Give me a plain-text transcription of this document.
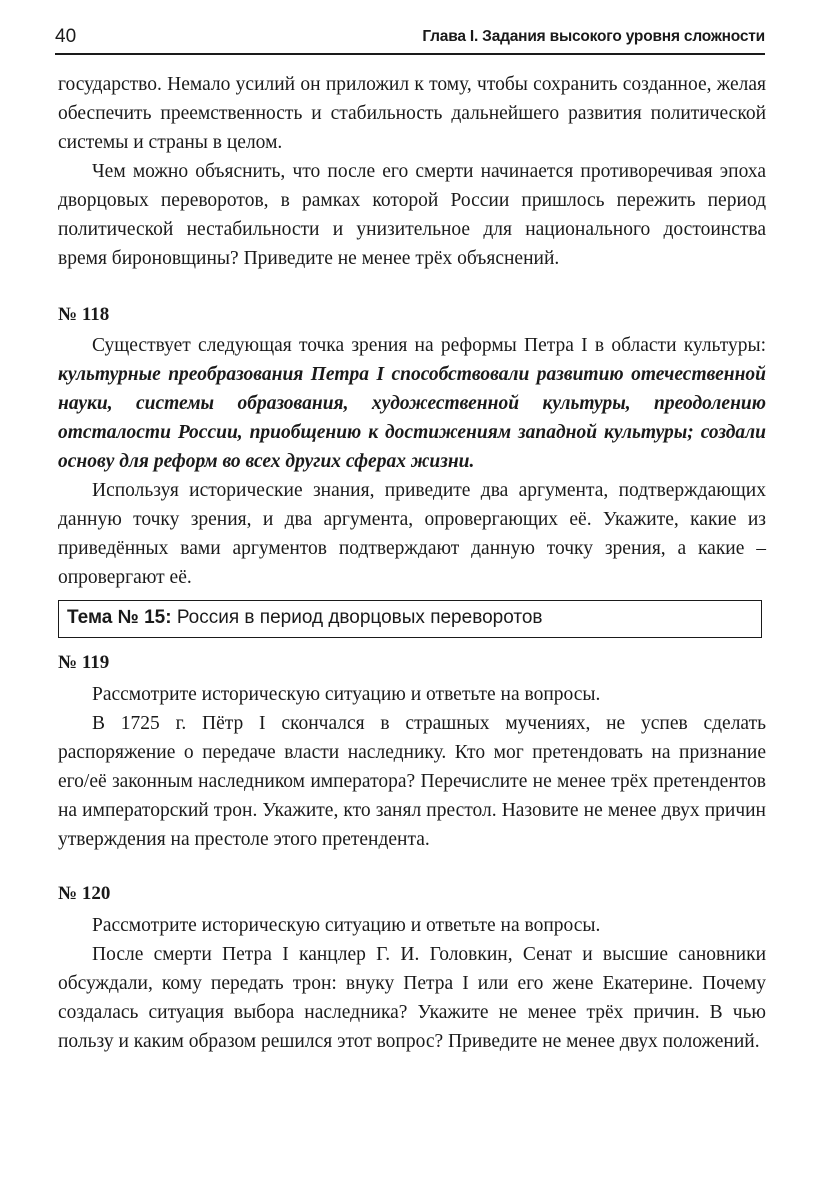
40	Глава I. Задания высокого уровня сложности

государство. Немало усилий он приложил к тому, чтобы сохранить созданное, желая обеспечить преемственность и стабильность дальнейшего развития политической системы и страны в целом.

Чем можно объяснить, что после его смерти начинается противоречивая эпоха дворцовых переворотов, в рамках которой России пришлось пережить период политической нестабильности и унизительное для национального достоинства время бироновщины? Приведите не менее трёх объяснений.

№ 118

Существует следующая точка зрения на реформы Петра I в области культуры: культурные преобразования Петра I способствовали развитию отечественной науки, системы образования, художественной культуры, преодолению отсталости России, приобщению к достижениям западной культуры; создали основу для реформ во всех других сферах жизни.

Используя исторические знания, приведите два аргумента, подтверждающих данную точку зрения, и два аргумента, опровергающих её. Укажите, какие из приведённых вами аргументов подтверждают данную точку зрения, а какие – опровергают её.

Тема № 15: Россия в период дворцовых переворотов
№ 119

Рассмотрите историческую ситуацию и ответьте на вопросы.

В 1725 г. Пётр I скончался в страшных мучениях, не успев сделать распоряжение о передаче власти наследнику. Кто мог претендовать на признание его/её законным наследником императора? Перечислите не менее трёх претендентов на императорский трон. Укажите, кто занял престол. Назовите не менее двух причин утверждения на престоле этого претендента.

№ 120

Рассмотрите историческую ситуацию и ответьте на вопросы.

После смерти Петра I канцлер Г. И. Головкин, Сенат и высшие сановники обсуждали, кому передать трон: внуку Петра I или его жене Екатерине. Почему создалась ситуация выбора наследника? Укажите не менее трёх причин. В чью пользу и каким образом решился этот вопрос? Приведите не менее двух положений.
